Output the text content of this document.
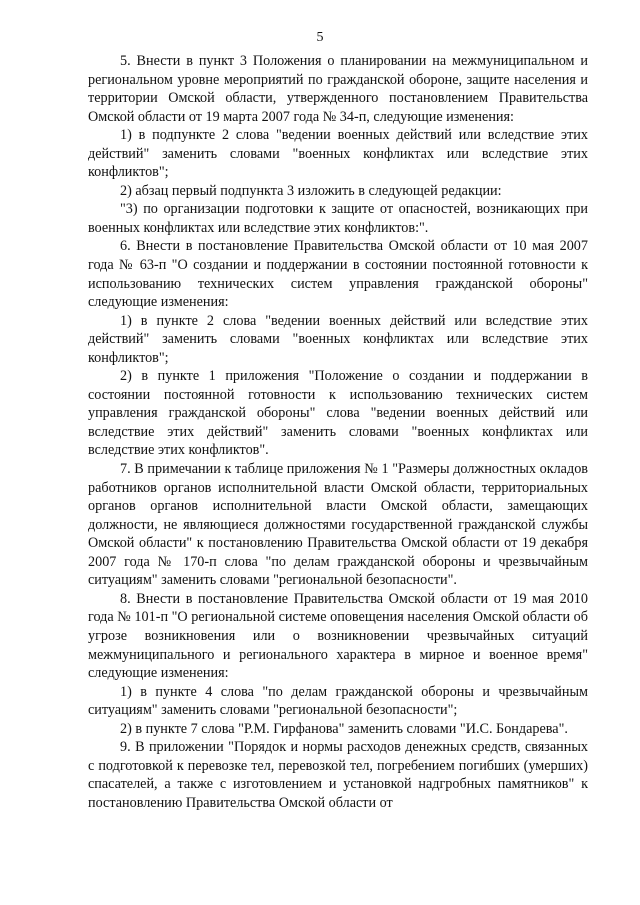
5

5. Внести в пункт 3 Положения о планировании на межмуниципальном и региональном уровне мероприятий по гражданской обороне, защите населения и территории Омской области, утвержденного постановлением Правительства Омской области от 19 марта 2007 года № 34-п, следующие изменения:

1) в подпункте 2 слова "ведении военных действий или вследствие этих действий" заменить словами "военных конфликтах или вследствие этих конфликтов";

2) абзац первый подпункта 3 изложить в следующей редакции:

"3) по организации подготовки к защите от опасностей, возникающих при военных конфликтах или вследствие этих конфликтов:".

6. Внести в постановление Правительства Омской области от 10 мая 2007 года № 63-п "О создании и поддержании в состоянии постоянной готовности к использованию технических систем управления гражданской обороны" следующие изменения:

1) в пункте 2 слова "ведении военных действий или вследствие этих действий" заменить словами "военных конфликтах или вследствие этих конфликтов";

2) в пункте 1 приложения "Положение о создании и поддержании в состоянии постоянной готовности к использованию технических систем управления гражданской обороны" слова "ведении военных действий или вследствие этих действий" заменить словами "военных конфликтах или вследствие этих конфликтов".

7. В примечании к таблице приложения № 1 "Размеры должностных окладов работников органов исполнительной власти Омской области, территориальных органов органов исполнительной власти Омской области, замещающих должности, не являющиеся должностями государственной гражданской службы Омской области" к постановлению Правительства Омской области от 19 декабря 2007 года № 170-п слова "по делам гражданской обороны и чрезвычайным ситуациям" заменить словами "региональной безопасности".

8. Внести в постановление Правительства Омской области от 19 мая 2010 года № 101-п "О региональной системе оповещения населения Омской области об угрозе возникновения или о возникновении чрезвычайных ситуаций межмуниципального и регионального характера в мирное и военное время" следующие изменения:

1) в пункте 4 слова "по делам гражданской обороны и чрезвычайным ситуациям" заменить словами "региональной безопасности";

2) в пункте 7 слова "Р.М. Гирфанова" заменить словами "И.С. Бондарева".

9. В приложении "Порядок и нормы расходов денежных средств, связанных с подготовкой к перевозке тел, перевозкой тел, погребением погибших (умерших) спасателей, а также с изготовлением и установкой надгробных памятников" к постановлению Правительства Омской области от
